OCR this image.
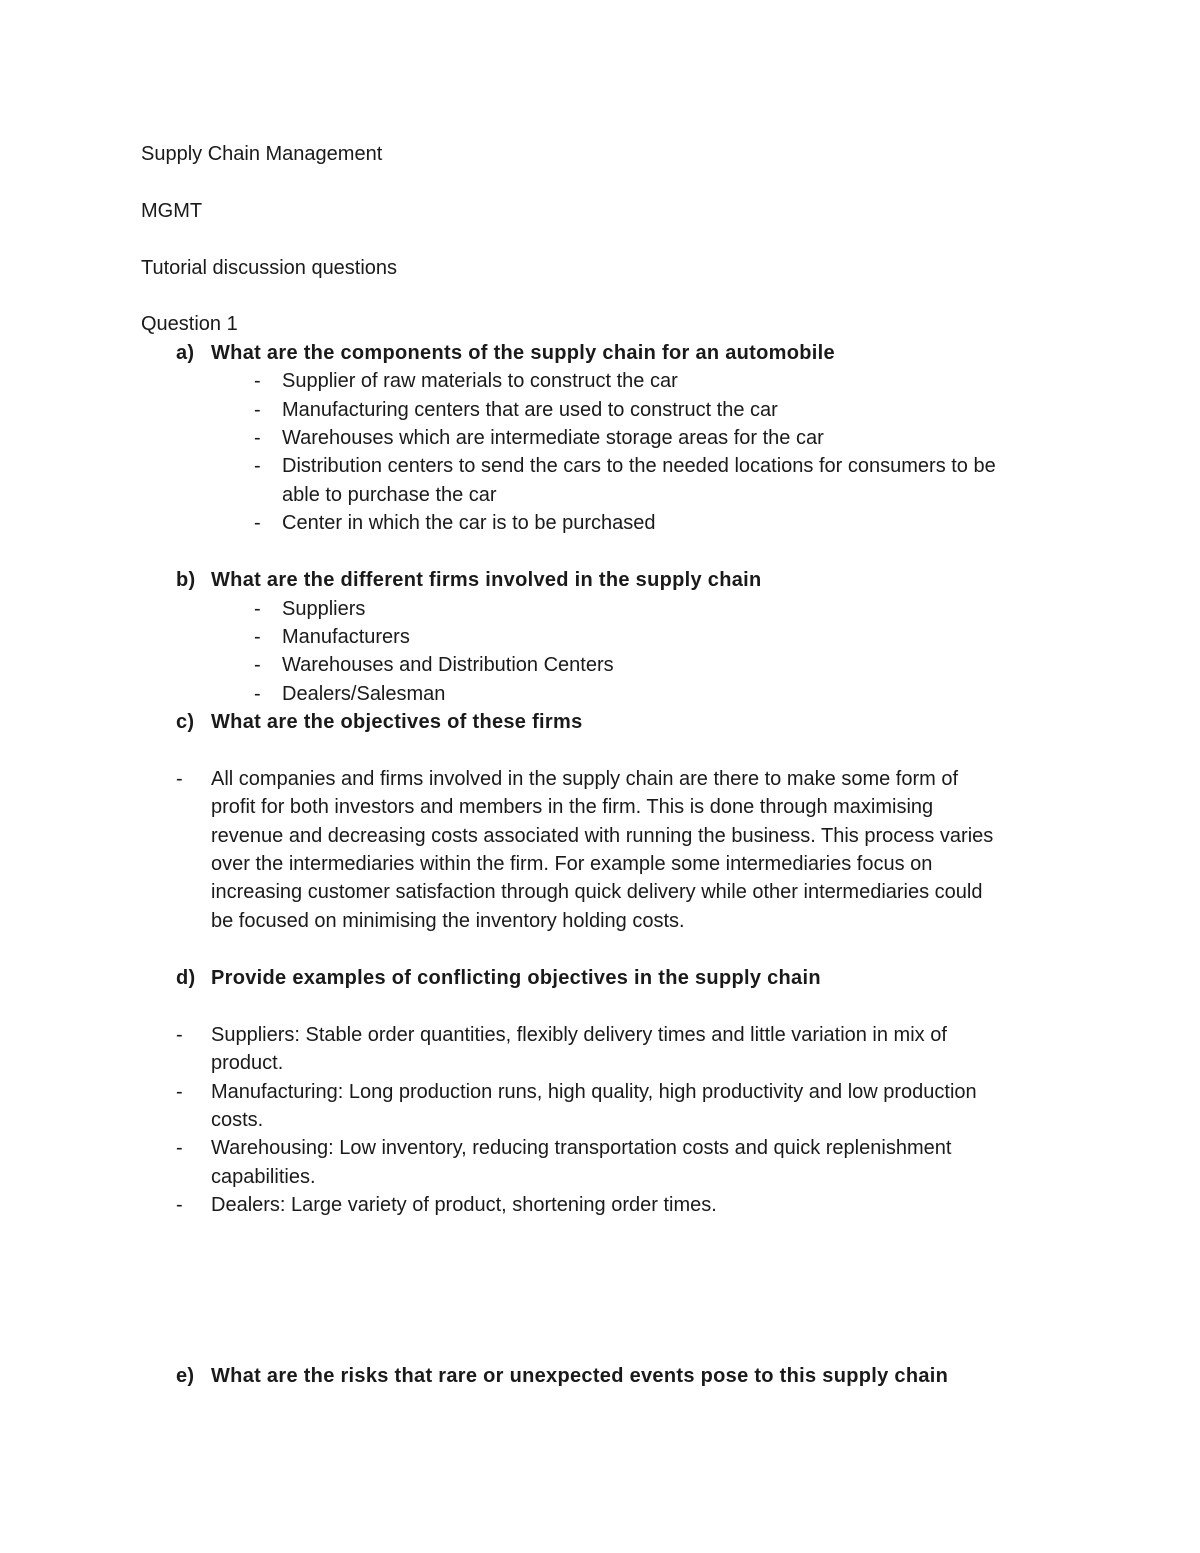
Supply Chain Management
MGMT
Tutorial discussion questions
Question 1
a) What are the components of the supply chain for an automobile
- Supplier of raw materials to construct the car
- Manufacturing centers that are used to construct the car
- Warehouses which are intermediate storage areas for the car
- Distribution centers to send the cars to the needed locations for consumers to be
able to purchase the car
- Center in which the car is to be purchased
b) What are the different firms involved in the supply chain
- Suppliers
- Manufacturers
- Warehouses and Distribution Centers
- Dealers/Salesman
c) What are the objectives of these firms
- All companies and firms involved in the supply chain are there to make some form of
profit for both investors and members in the firm. This is done through maximising
revenue and decreasing costs associated with running the business. This process varies
over the intermediaries within the firm. For example some intermediaries focus on
increasing customer satisfaction through quick delivery while other intermediaries could
be focused on minimising the inventory holding costs.
d) Provide examples of conflicting objectives in the supply chain
- Suppliers: Stable order quantities, flexibly delivery times and little variation in mix of
product.
- Manufacturing: Long production runs, high quality, high productivity and low production
costs.
- Warehousing: Low inventory, reducing transportation costs and quick replenishment
capabilities.
- Dealers: Large variety of product, shortening order times.
e) What are the risks that rare or unexpected events pose to this supply chain
